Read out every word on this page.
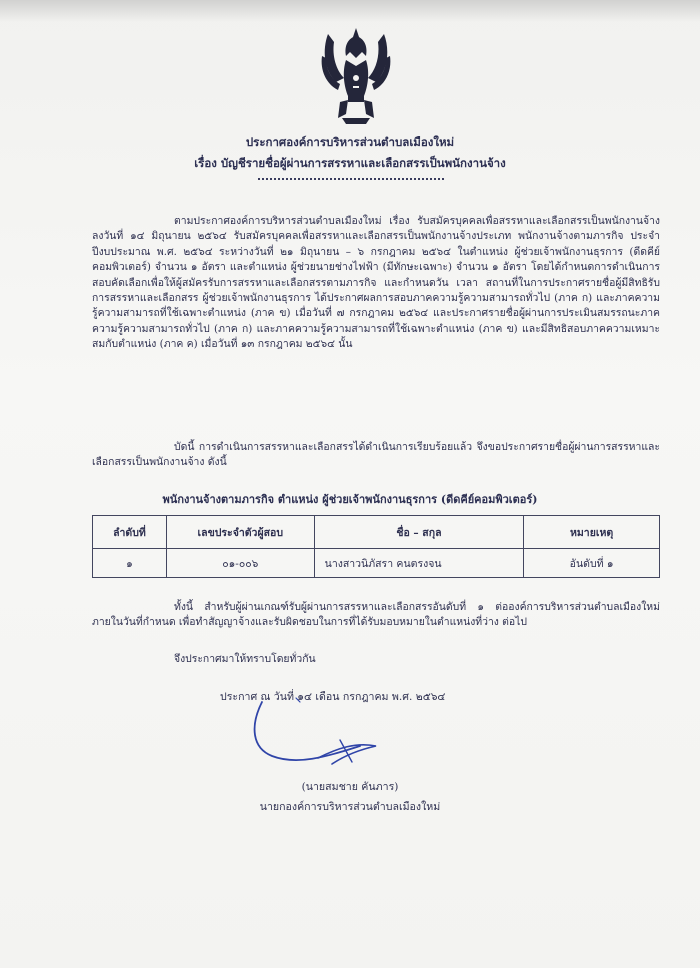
ประกาศองค์การบริหารส่วนตำบลเมืองใหม่
เรื่อง บัญชีรายชื่อผู้ผ่านการสรรหาและเลือกสรรเป็นพนักงานจ้าง
ตามประกาศองค์การบริหารส่วนตำบลเมืองใหม่ เรื่อง รับสมัครบุคคลเพื่อสรรหาและเลือกสรรเป็นพนักงานจ้าง ลงวันที่ ๑๔ มิถุนายน ๒๕๖๔ รับสมัครบุคคลเพื่อสรรหาและเลือกสรรเป็นพนักงานจ้างประเภท พนักงานจ้างตามภารกิจ ประจำปีงบประมาณ พ.ศ. ๒๕๖๔ ระหว่างวันที่ ๒๑ มิถุนายน – ๖ กรกฎาคม ๒๕๖๔ ในตำแหน่ง ผู้ช่วยเจ้าพนักงานธุรการ (ดีดคีย์คอมพิวเตอร์) จำนวน ๑ อัตรา และตำแหน่ง ผู้ช่วยนายช่างไฟฟ้า (มีทักษะเฉพาะ) จำนวน ๑ อัตรา โดยได้กำหนดการดำเนินการสอบคัดเลือกเพื่อให้ผู้สมัครรับการสรรหาและเลือกสรรตามภารกิจ และกำหนดวัน เวลา สถานที่ในการประกาศรายชื่อผู้มีสิทธิรับการสรรหาและเลือกสรร ผู้ช่วยเจ้าพนักงานธุรการ ได้ประกาศผลการสอบภาคความรู้ความสามารถทั่วไป (ภาค ก) และภาคความรู้ความสามารถที่ใช้เฉพาะตำแหน่ง (ภาค ข) เมื่อวันที่ ๗ กรกฎาคม ๒๕๖๔ และประกาศรายชื่อผู้ผ่านการประเมินสมรรถนะภาคความรู้ความสามารถทั่วไป (ภาค ก) และภาคความรู้ความสามารถที่ใช้เฉพาะตำแหน่ง (ภาค ข) และมีสิทธิสอบภาคความเหมาะสมกับตำแหน่ง (ภาค ค) เมื่อวันที่ ๑๓ กรกฎาคม ๒๕๖๔ นั้น
บัดนี้ การดำเนินการสรรหาและเลือกสรรได้ดำเนินการเรียบร้อยแล้ว จึงขอประกาศรายชื่อผู้ผ่านการสรรหาและเลือกสรรเป็นพนักงานจ้าง ดังนี้
พนักงานจ้างตามภารกิจ ตำแหน่ง ผู้ช่วยเจ้าพนักงานธุรการ (ดีดคีย์คอมพิวเตอร์)
ลำดับที่	เลขประจำตัวผู้สอบ	ชื่อ – สกุล	หมายเหตุ
๑	๐๑-๐๐๖	นางสาวนิภัสรา คนตรงจน	อันดับที่ ๑
ทั้งนี้ สำหรับผู้ผ่านเกณฑ์รับผู้ผ่านการสรรหาและเลือกสรรอันดับที่ ๑ ต่อองค์การบริหารส่วนตำบลเมืองใหม่ภายในวันที่กำหนด เพื่อทำสัญญาจ้างและรับผิดชอบในการที่ได้รับมอบหมายในตำแหน่งที่ว่าง ต่อไป
จึงประกาศมาให้ทราบโดยทั่วกัน
ประกาศ ณ วันที่ ๑๔ เดือน กรกฎาคม พ.ศ. ๒๕๖๔
(นายสมชาย คันภาร)
นายกองค์การบริหารส่วนตำบลเมืองใหม่
